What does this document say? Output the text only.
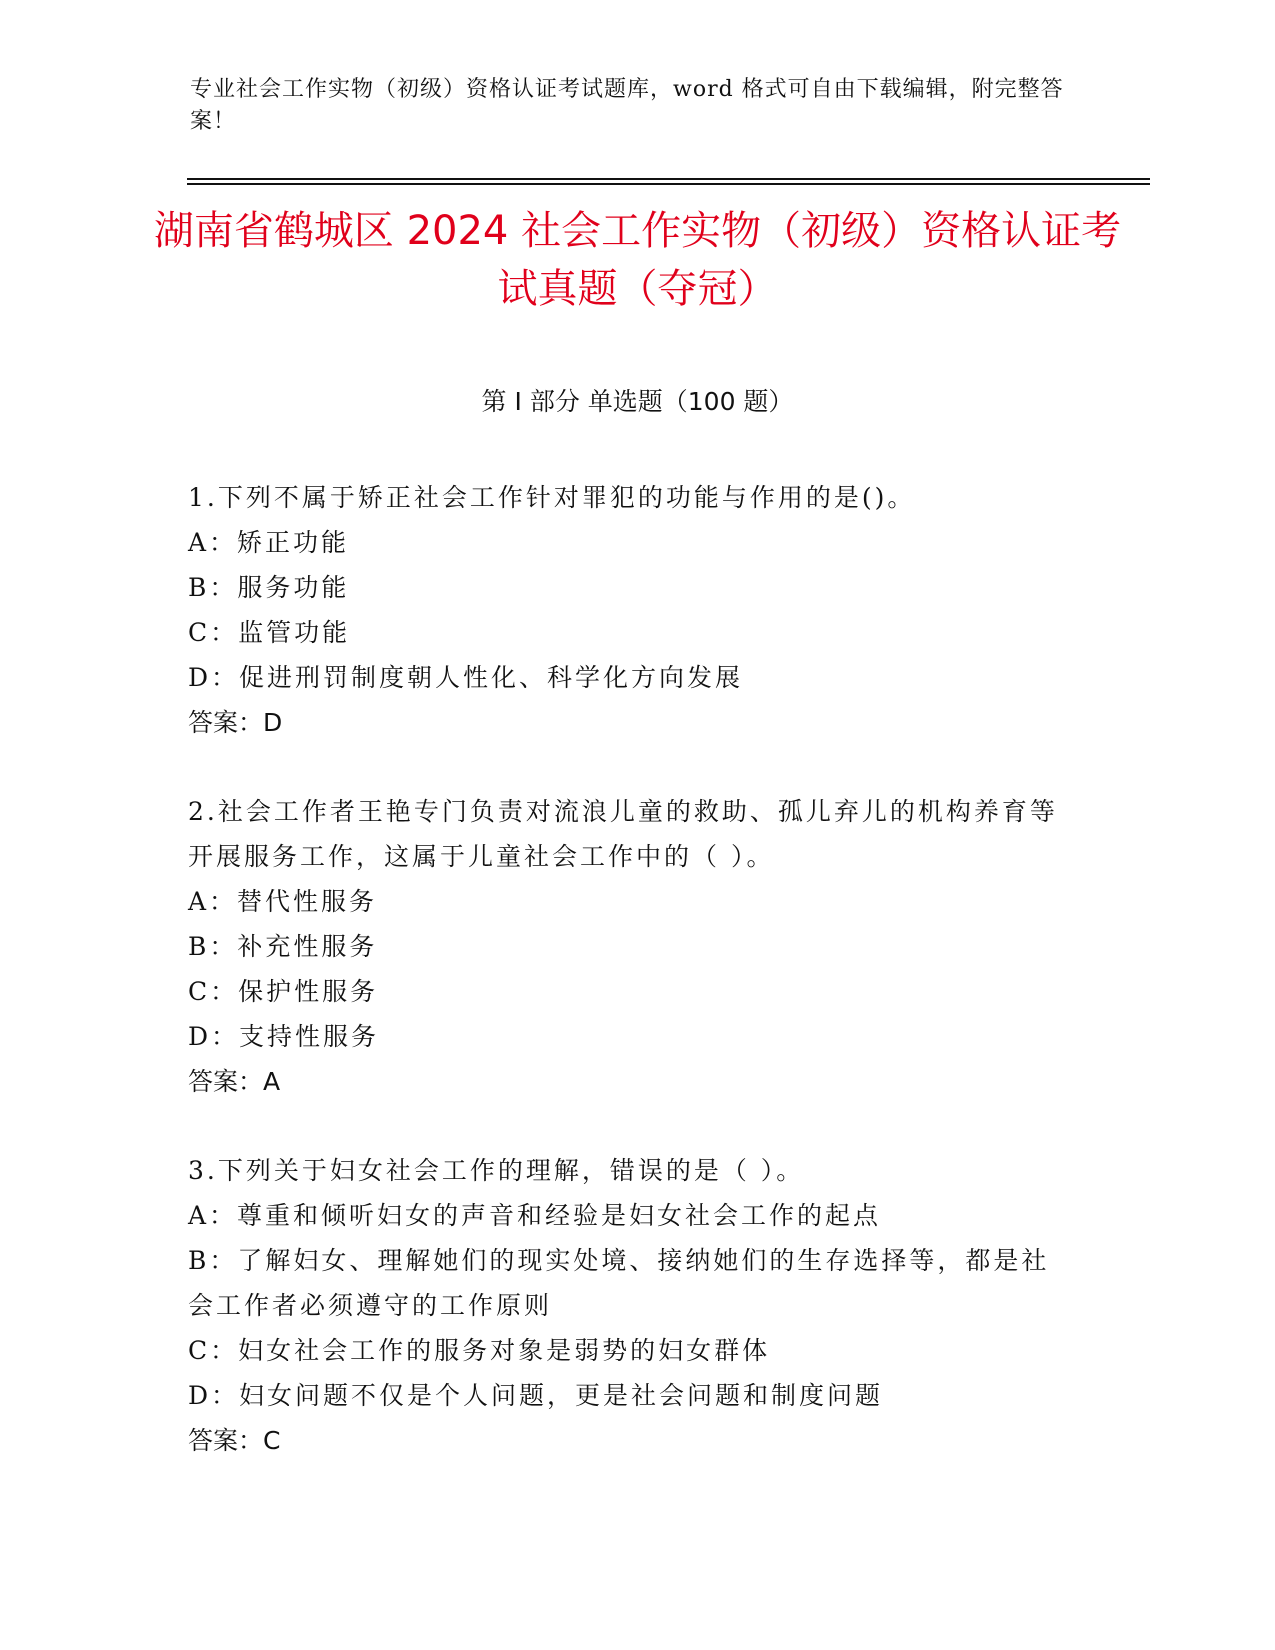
专业社会工作实物（初级）资格认证考试题库，word 格式可自由下载编辑，附完整答案！
湖南省鹤城区 2024 社会工作实物（初级）资格认证考试真题（夺冠）
第 I 部分 单选题（100 题）
1.下列不属于矫正社会工作针对罪犯的功能与作用的是()。
A：矫正功能
B：服务功能
C：监管功能
D：促进刑罚制度朝人性化、科学化方向发展
答案：D
2.社会工作者王艳专门负责对流浪儿童的救助、孤儿弃儿的机构养育等开展服务工作，这属于儿童社会工作中的（ ）。
A：替代性服务
B：补充性服务
C：保护性服务
D：支持性服务
答案：A
3.下列关于妇女社会工作的理解，错误的是（ ）。
A：尊重和倾听妇女的声音和经验是妇女社会工作的起点
B：了解妇女、理解她们的现实处境、接纳她们的生存选择等，都是社会工作者必须遵守的工作原则
C：妇女社会工作的服务对象是弱势的妇女群体
D：妇女问题不仅是个人问题，更是社会问题和制度问题
答案：C
